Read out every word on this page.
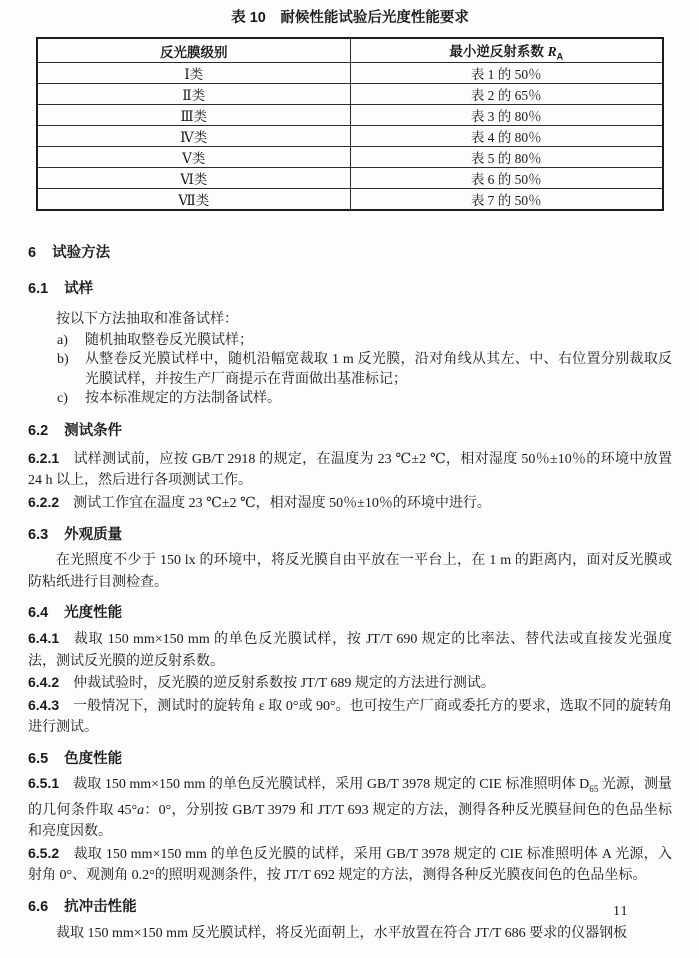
表 10　耐候性能试验后光度性能要求
反光膜级别	最小逆反射系数 $R_A$
Ⅰ类	表 1 的 50％
Ⅱ类	表 2 的 65％
Ⅲ类	表 3 的 80％
Ⅳ类	表 4 的 80％
Ⅴ类	表 5 的 80％
Ⅵ类	表 6 的 50％
Ⅶ类	表 7 的 50％

6 试验方法

6.1 试样

按以下方法抽取和准备试样：

a) 随机抽取整卷反光膜试样；
b) 从整卷反光膜试样中，随机沿幅宽裁取 1 m 反光膜，沿对角线从其左、中、右位置分别裁取反光膜试样，并按生产厂商提示在背面做出基准标记；
c) 按本标准规定的方法制备试样。

6.2 测试条件

6.2.1 试样测试前，应按 GB/T 2918 的规定，在温度为 23 ℃±2 ℃，相对湿度 50％±10％的环境中放置 24 h 以上，然后进行各项测试工作。

6.2.2 测试工作宜在温度 23 ℃±2 ℃，相对湿度 50％±10％的环境中进行。

6.3 外观质量

在光照度不少于 150 lx 的环境中，将反光膜自由平放在一平台上，在 1 m 的距离内，面对反光膜或防粘纸进行目测检查。

6.4 光度性能

6.4.1 裁取 150 mm×150 mm 的单色反光膜试样，按 JT/T 690 规定的比率法、替代法或直接发光强度法，测试反光膜的逆反射系数。

6.4.2 仲裁试验时，反光膜的逆反射系数按 JT/T 689 规定的方法进行测试。

6.4.3 一般情况下，测试时的旋转角 ε 取 0°或 90°。也可按生产厂商或委托方的要求，选取不同的旋转角进行测试。

6.5 色度性能

6.5.1 裁取 150 mm×150 mm 的单色反光膜试样，采用 GB/T 3978 规定的 CIE 标准照明体 $D_{65}$ 光源，测量的几何条件取 45°a：0°，分别按 GB/T 3979 和 JT/T 693 规定的方法，测得各种反光膜昼间色的色品坐标和亮度因数。

6.5.2 裁取 150 mm×150 mm 的单色反光膜的试样，采用 GB/T 3978 规定的 CIE 标准照明体 A 光源，入射角 0°、观测角 0.2°的照明观测条件，按 JT/T 692 规定的方法，测得各种反光膜夜间色的色品坐标。

6.6 抗冲击性能

裁取 150 mm×150 mm 反光膜试样，将反光面朝上，水平放置在符合 JT/T 686 要求的仪器钢板

11
